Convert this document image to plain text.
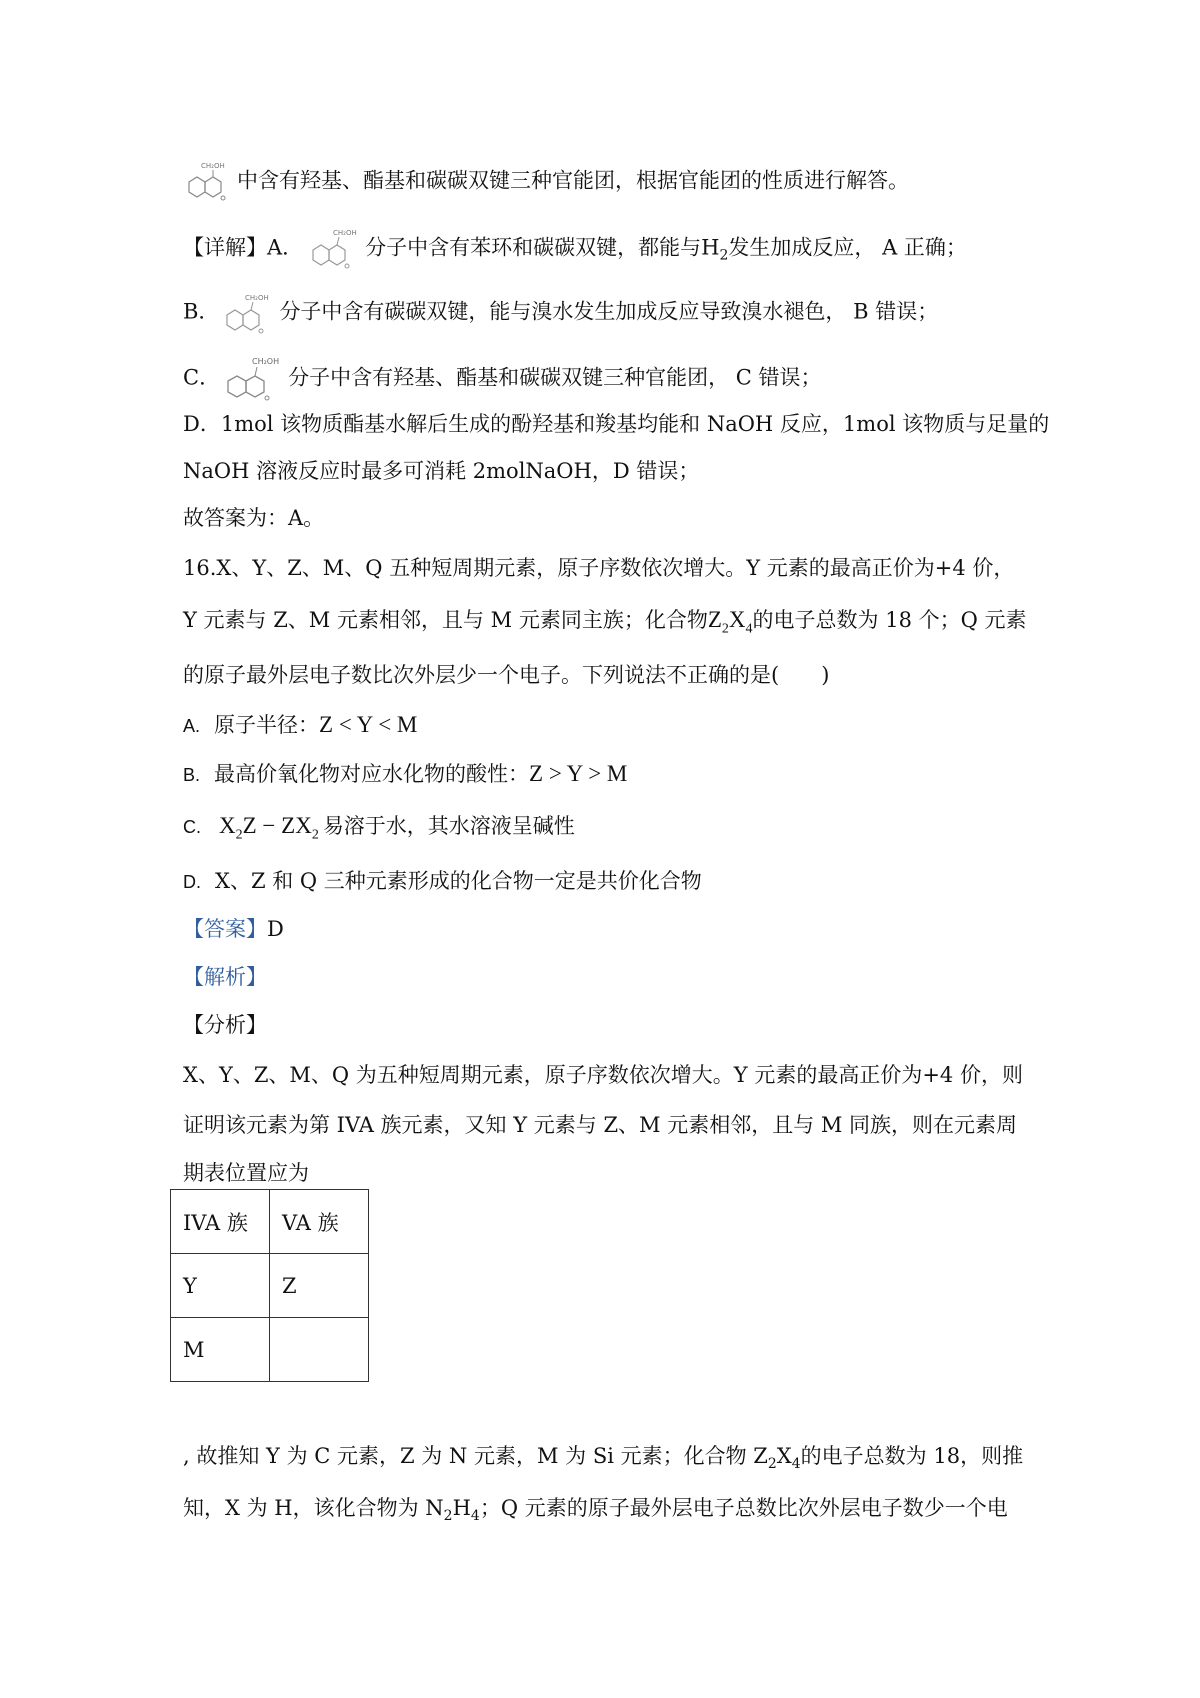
CH₂OH
中含有羟基、酯基和碳碳双键三种官能团，根据官能团的性质进行解答。
【详解】A．
CH₂OH
分子中含有苯环和碳碳双键，都能与$H_2$发生加成反应， A 正确；
B．
CH₂OH
分子中含有碳碳双键，能与溴水发生加成反应导致溴水褪色， B 错误；
C．
CH₂OH
分子中含有羟基、酯基和碳碳双键三种官能团， C 错误；
D．1mol 该物质酯基水解后生成的酚羟基和羧基均能和 NaOH 反应，1mol 该物质与足量的
NaOH 溶液反应时最多可消耗 2molNaOH，D 错误；
故答案为：A。
16.X、Y、Z、M、Q 五种短周期元素，原子序数依次增大。Y 元素的最高正价为+4 价，
Y 元素与 Z、M 元素相邻，且与 M 元素同主族；化合物$Z_2X_4$的电子总数为 18 个；Q 元素
的原子最外层电子数比次外层少一个电子。下列说法不正确的是(　　)
A. 原子半径：Z < Y < M
B. 最高价氧化物对应水化物的酸性：Z > Y > M
C. $X_2Z - ZX_2$ 易溶于水，其水溶液呈碱性
D. X、Z 和 Q 三种元素形成的化合物一定是共价化合物
【答案】D
【解析】
【分析】
X、Y、Z、M、Q 为五种短周期元素，原子序数依次增大。Y 元素的最高正价为+4 价，则
证明该元素为第 IVA 族元素，又知 Y 元素与 Z、M 元素相邻，且与 M 同族，则在元素周
期表位置应为
IVA 族	VA 族
Y	Z
M	
, 故推知 Y 为 C 元素，Z 为 N 元素，M 为 Si 元素；化合物 $Z_2X_4$的电子总数为 18，则推
知，X 为 H，该化合物为 $N_2H_4$；Q 元素的原子最外层电子总数比次外层电子数少一个电
